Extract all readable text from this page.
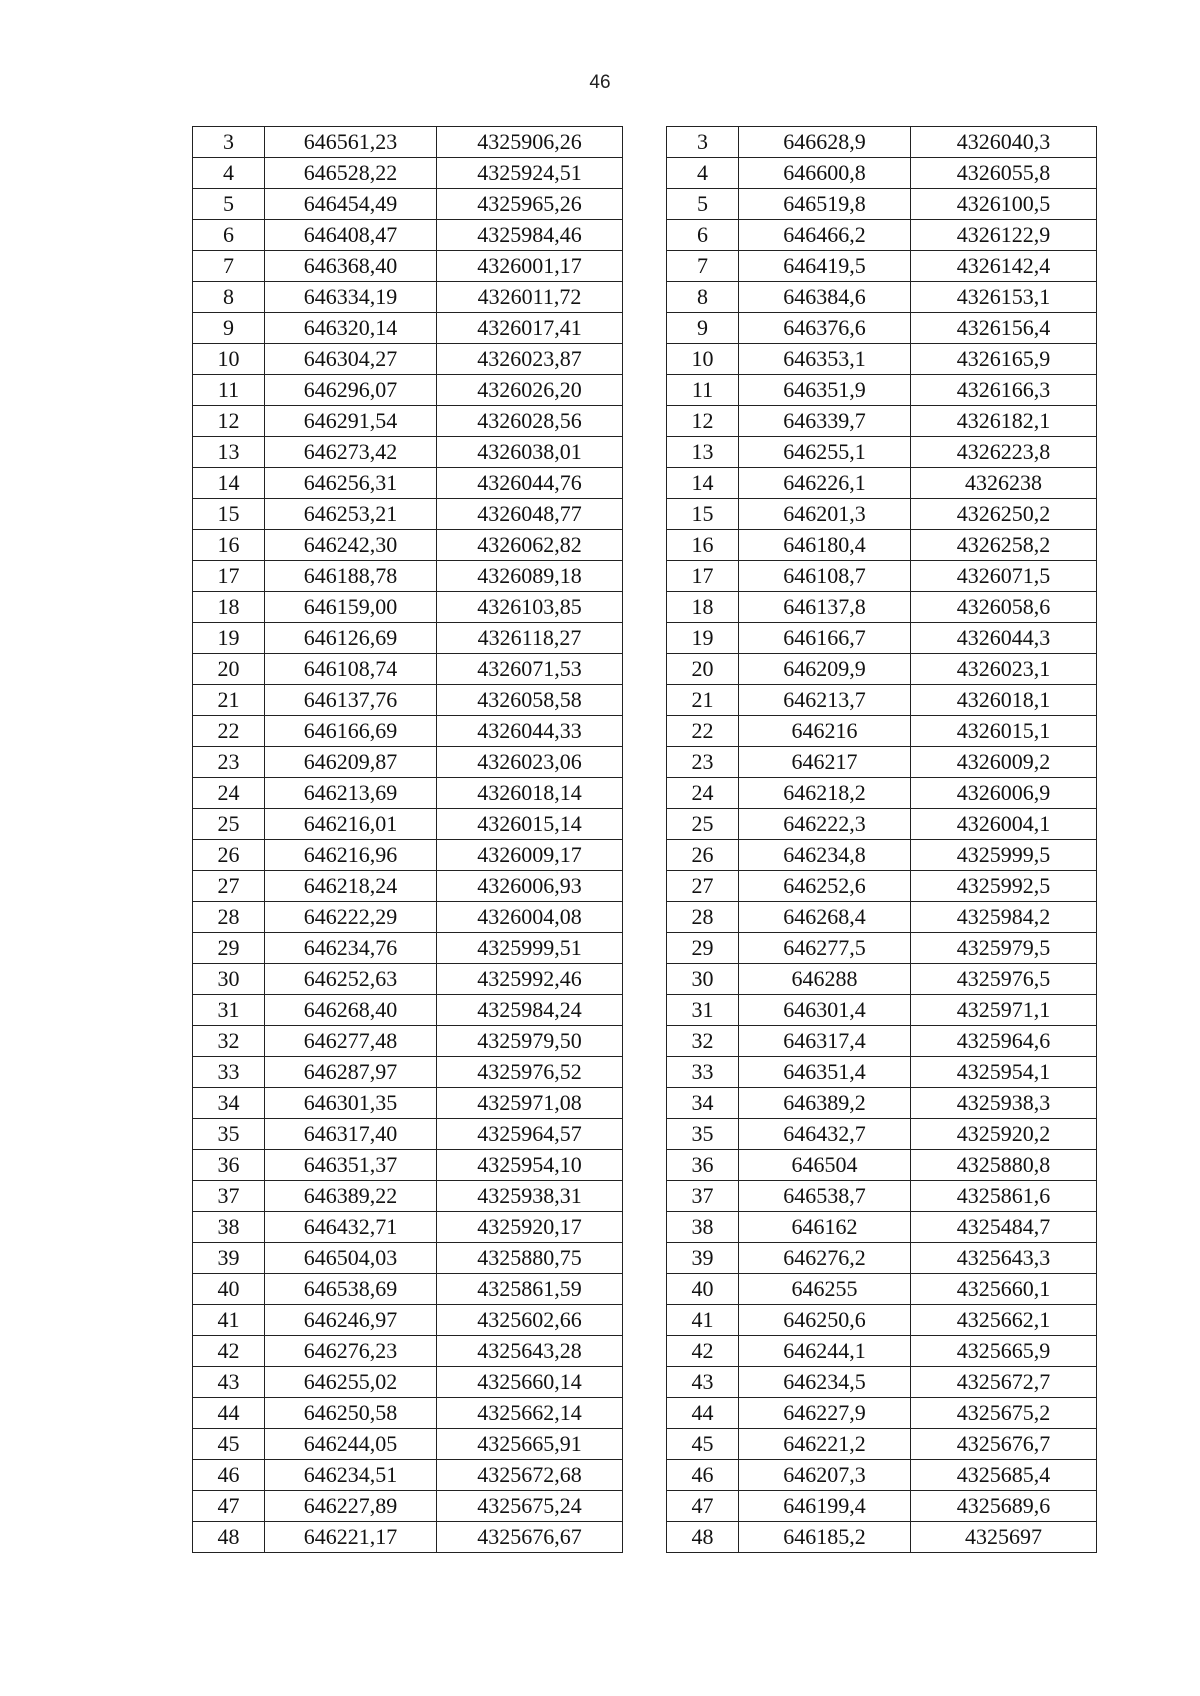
46
3	646561,23	4325906,26
4	646528,22	4325924,51
5	646454,49	4325965,26
6	646408,47	4325984,46
7	646368,40	4326001,17
8	646334,19	4326011,72
9	646320,14	4326017,41
10	646304,27	4326023,87
11	646296,07	4326026,20
12	646291,54	4326028,56
13	646273,42	4326038,01
14	646256,31	4326044,76
15	646253,21	4326048,77
16	646242,30	4326062,82
17	646188,78	4326089,18
18	646159,00	4326103,85
19	646126,69	4326118,27
20	646108,74	4326071,53
21	646137,76	4326058,58
22	646166,69	4326044,33
23	646209,87	4326023,06
24	646213,69	4326018,14
25	646216,01	4326015,14
26	646216,96	4326009,17
27	646218,24	4326006,93
28	646222,29	4326004,08
29	646234,76	4325999,51
30	646252,63	4325992,46
31	646268,40	4325984,24
32	646277,48	4325979,50
33	646287,97	4325976,52
34	646301,35	4325971,08
35	646317,40	4325964,57
36	646351,37	4325954,10
37	646389,22	4325938,31
38	646432,71	4325920,17
39	646504,03	4325880,75
40	646538,69	4325861,59
41	646246,97	4325602,66
42	646276,23	4325643,28
43	646255,02	4325660,14
44	646250,58	4325662,14
45	646244,05	4325665,91
46	646234,51	4325672,68
47	646227,89	4325675,24
48	646221,17	4325676,67
3	646628,9	4326040,3
4	646600,8	4326055,8
5	646519,8	4326100,5
6	646466,2	4326122,9
7	646419,5	4326142,4
8	646384,6	4326153,1
9	646376,6	4326156,4
10	646353,1	4326165,9
11	646351,9	4326166,3
12	646339,7	4326182,1
13	646255,1	4326223,8
14	646226,1	4326238
15	646201,3	4326250,2
16	646180,4	4326258,2
17	646108,7	4326071,5
18	646137,8	4326058,6
19	646166,7	4326044,3
20	646209,9	4326023,1
21	646213,7	4326018,1
22	646216	4326015,1
23	646217	4326009,2
24	646218,2	4326006,9
25	646222,3	4326004,1
26	646234,8	4325999,5
27	646252,6	4325992,5
28	646268,4	4325984,2
29	646277,5	4325979,5
30	646288	4325976,5
31	646301,4	4325971,1
32	646317,4	4325964,6
33	646351,4	4325954,1
34	646389,2	4325938,3
35	646432,7	4325920,2
36	646504	4325880,8
37	646538,7	4325861,6
38	646162	4325484,7
39	646276,2	4325643,3
40	646255	4325660,1
41	646250,6	4325662,1
42	646244,1	4325665,9
43	646234,5	4325672,7
44	646227,9	4325675,2
45	646221,2	4325676,7
46	646207,3	4325685,4
47	646199,4	4325689,6
48	646185,2	4325697
